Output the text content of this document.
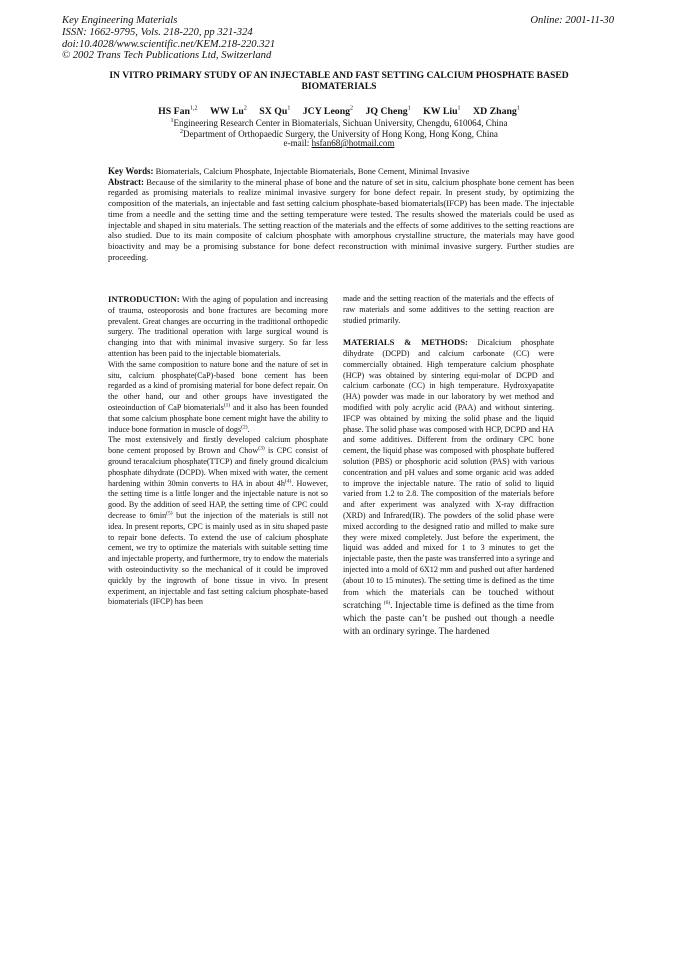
Key Engineering Materials
ISSN: 1662-9795, Vols. 218-220, pp 321-324
doi:10.4028/www.scientific.net/KEM.218-220.321
© 2002 Trans Tech Publications Ltd, Switzerland
Online: 2001-11-30
IN VITRO PRIMARY STUDY OF AN INJECTABLE AND FAST SETTING CALCIUM PHOSPHATE BASED BIOMATERIALS
HS Fan$^{1,2}$ WW Lu$^2$ SX Qu$^1$ JCY Leong$^2$ JQ Cheng$^1$ KW Liu$^1$ XD Zhang$^1$
$^1$Engineering Research Center in Biomaterials, Sichuan University, Chengdu, 610064, China
$^2$Department of Orthopaedic Surgery, the University of Hong Kong, Hong Kong, China
e-mail: hsfan68@hotmail.com
Key Words: Biomaterials, Calcium Phosphate, Injectable Biomaterials, Bone Cement, Minimal Invasive
Abstract: Because of the similarity to the mineral phase of bone and the nature of set in situ, calcium phosphate bone cement has been regarded as promising materials to realize minimal invasive surgery for bone defect repair. In present study, by optimizing the composition of the materials, an injectable and fast setting calcium phosphate-based biomaterials(IFCP) has been made. The injectable time from a needle and the setting time and the setting temperature were tested. The results showed the materials could be used as injectable and shaped in situ materials. The setting reaction of the materials and the effects of some additives to the setting reactions are also studied. Due to its main composite of calcium phosphate with amorphous crystalline structure, the materials may have good bioactivity and may be a promising substance for bone defect reconstruction with minimal invasive surgery. Further studies are proceeding.

INTRODUCTION: With the aging of population and increasing of trauma, osteoporosis and bone fractures are becoming more prevalent. Great changes are occurring in the traditional orthopedic surgery. The traditional operation with large surgical wound is changing into that with minimal invasive surgery. So far less attention has been paid to the injectable biomaterials.

With the same composition to nature bone and the nature of set in situ, calcium phosphate(CaP)-based bone cement has been regarded as a kind of promising material for bone defect repair. On the other hand, our and other groups have investigated the osteoinduction of CaP biomaterials$^{(1)}$ and it also has been founded that some calcium phosphate bone cement might have the ability to induce bone formation in muscle of dogs$^{(2)}$.

The most extensively and firstly developed calcium phosphate bone cement proposed by Brown and Chow$^{(3)}$ is CPC consist of ground teracalcium phosphate(TTCP) and finely ground dicalcium phosphate dihydrate (DCPD). When mixed with water, the cement hardening within 30min converts to HA in about $4h^{(4)}$. However, the setting time is a little longer and the injectable nature is not so good. By the addition of seed HAP, the setting time of CPC could decrease to $6\min^{(5)}$ but the injection of the materials is still not idea. In present reports, CPC is mainly used as in situ shaped paste to repair bone defects. To extend the use of calcium phosphate cement, we try to optimize the materials with suitable setting time and injectable property, and furthermore, try to endow the materials with osteoinductivity so the mechanical of it could be improved quickly by the ingrowth of bone tissue in vivo. In present experiment, an injectable and fast setting calcium phosphate-based biomaterials (IFCP) has been

made and the setting reaction of the materials and the effects of raw materials and some additives to the setting reaction are studied primarily.

MATERIALS & METHODS: Dicalcium phosphate dihydrate (DCPD) and calcium carbonate (CC) were commercially obtained. High temperature calcium phosphate (HCP) was obtained by sintering equi-molar of DCPD and calcium carbonate (CC) in high temperature. Hydroxyapatite (HA) powder was made in our laboratory by wet method and modified with poly acrylic acid (PAA) and without sintering. IFCP was obtained by mixing the solid phase and the liquid phase. The solid phase was composed with HCP, DCPD and HA and some additives. Different from the ordinary CPC bone cement, the liquid phase was composed with phosphate buffered solution (PBS) or phosphoric acid solution (PAS) with various concentration and pH values and some organic acid was added to improve the injectable nature. The ratio of solid to liquid varied from 1.2 to 2.8. The composition of the materials before and after experiment was analyzed with X-ray diffraction (XRD) and Infrared(IR). The powders of the solid phase were mixed according to the designed ratio and milled to make sure they were mixed completely. Just before the experiment, the liquid was added and mixed for 1 to 3 minutes to get the injectable paste, then the paste was transferred into a syringe and injected into a mold of 6X12 mm and pushed out after hardened (about 10 to 15 minutes). The setting time is defined as the time from which the materials can be touched without scratching $^{(6)}$. Injectable time is defined as the time from which the paste can’t be pushed out though a needle with an ordinary syringe. The hardened
